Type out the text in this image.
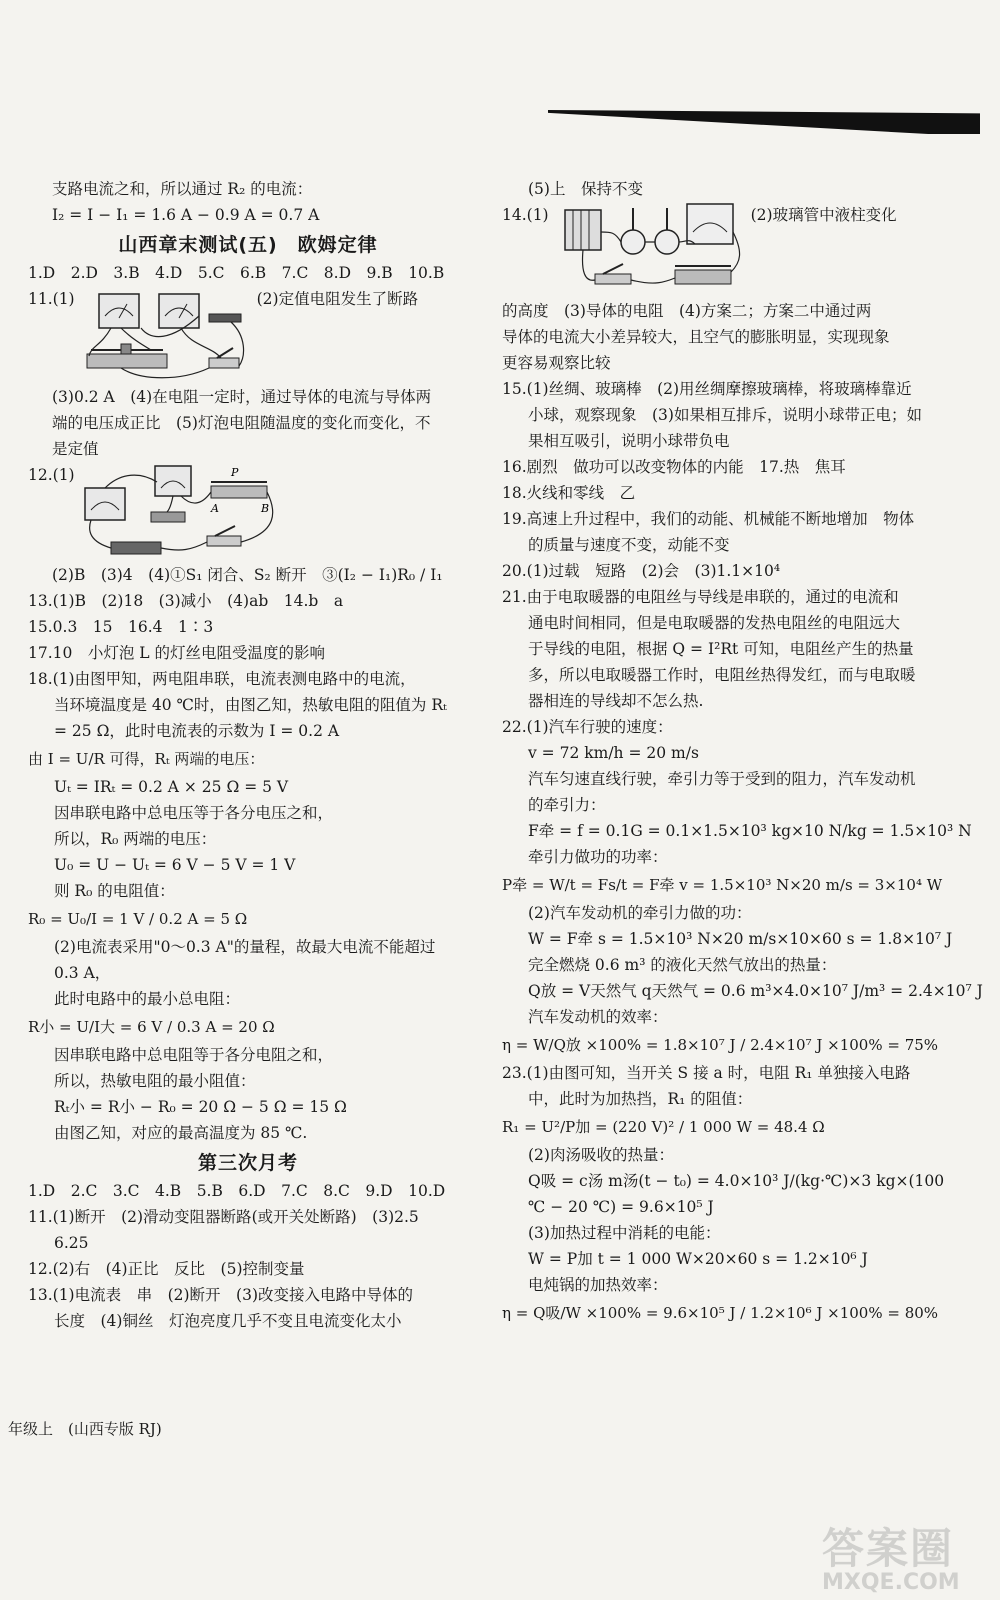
支路电流之和，所以通过 R₂ 的电流：
I₂ = I − I₁ = 1.6 A − 0.9 A = 0.7 A
山西章末测试(五)　欧姆定律
1.D　2.D　3.B　4.D　5.C　6.B　7.C　8.D　9.B　10.B
11.(1)	(2)定值电阻发生了断路
(3)0.2 A　(4)在电阻一定时，通过导体的电流与导体两
端的电压成正比　(5)灯泡电阻随温度的变化而变化，不
是定值
12.(1)	P
A	B
(2)B　(3)4　(4)①S₁ 闭合、S₂ 断开　③(I₂ − I₁)R₀ / I₁
13.(1)B　(2)18　(3)减小　(4)ab　14.b　a
15.0.3　15　16.4　1∶3
17.10　小灯泡 L 的灯丝电阻受温度的影响
18.(1)由图甲知，两电阻串联，电流表测电路中的电流，
当环境温度是 40 ℃时，由图乙知，热敏电阻的阻值为 Rₜ
= 25 Ω，此时电流表的示数为 I = 0.2 A
由 I = U/R 可得，Rₜ 两端的电压：
Uₜ = IRₜ = 0.2 A × 25 Ω = 5 V
因串联电路中总电压等于各分电压之和，
所以，R₀ 两端的电压：
U₀ = U − Uₜ = 6 V − 5 V = 1 V
则 R₀ 的电阻值：
R₀ = U₀/I = 1 V / 0.2 A = 5 Ω
(2)电流表采用"0～0.3 A"的量程，故最大电流不能超过
0.3 A，
此时电路中的最小总电阻：
R小 = U/I大 = 6 V / 0.3 A = 20 Ω
因串联电路中总电阻等于各分电阻之和，
所以，热敏电阻的最小阻值：
Rₜ小 = R小 − R₀ = 20 Ω − 5 Ω = 15 Ω
由图乙知，对应的最高温度为 85 ℃.
第三次月考
1.D　2.C　3.C　4.B　5.B　6.D　7.C　8.C　9.D　10.D
11.(1)断开　(2)滑动变阻器断路(或开关处断路)　(3)2.5
6.25
12.(2)右　(4)正比　反比　(5)控制变量
13.(1)电流表　串　(2)断开　(3)改变接入电路中导体的
长度　(4)铜丝　灯泡亮度几乎不变且电流变化太小
(5)上　保持不变
14.(1)	(2)玻璃管中液柱变化
的高度　(3)导体的电阻　(4)方案二；方案二中通过两
导体的电流大小差异较大，且空气的膨胀明显，实现现象
更容易观察比较
15.(1)丝绸、玻璃棒　(2)用丝绸摩擦玻璃棒，将玻璃棒靠近
小球，观察现象　(3)如果相互排斥，说明小球带正电；如
果相互吸引，说明小球带负电
16.剧烈　做功可以改变物体的内能　17.热　焦耳
18.火线和零线　乙
19.高速上升过程中，我们的动能、机械能不断地增加　物体
的质量与速度不变，动能不变
20.(1)过载　短路　(2)会　(3)1.1×10⁴
21.由于电取暖器的电阻丝与导线是串联的，通过的电流和
通电时间相同，但是电取暖器的发热电阻丝的电阻远大
于导线的电阻，根据 Q = I²Rt 可知，电阻丝产生的热量
多，所以电取暖器工作时，电阻丝热得发红，而与电取暖
器相连的导线却不怎么热.
22.(1)汽车行驶的速度：
v = 72 km/h = 20 m/s
汽车匀速直线行驶，牵引力等于受到的阻力，汽车发动机
的牵引力：
F牵 = f = 0.1G = 0.1×1.5×10³ kg×10 N/kg = 1.5×10³ N
牵引力做功的功率：
P牵 = W/t = Fs/t = F牵 v = 1.5×10³ N×20 m/s = 3×10⁴ W
(2)汽车发动机的牵引力做的功：
W = F牵 s = 1.5×10³ N×20 m/s×10×60 s = 1.8×10⁷ J
完全燃烧 0.6 m³ 的液化天然气放出的热量：
Q放 = V天然气 q天然气 = 0.6 m³×4.0×10⁷ J/m³ = 2.4×10⁷ J
汽车发动机的效率：
η = W/Q放 ×100% = 1.8×10⁷ J / 2.4×10⁷ J ×100% = 75%
23.(1)由图可知，当开关 S 接 a 时，电阻 R₁ 单独接入电路
中，此时为加热挡，R₁ 的阻值：
R₁ = U²/P加 = (220 V)² / 1 000 W = 48.4 Ω
(2)肉汤吸收的热量：
Q吸 = c汤 m汤(t − t₀) = 4.0×10³ J/(kg·℃)×3 kg×(100
℃ − 20 ℃) = 9.6×10⁵ J
(3)加热过程中消耗的电能：
W = P加 t = 1 000 W×20×60 s = 1.2×10⁶ J
电炖锅的加热效率：
η = Q吸/W ×100% = 9.6×10⁵ J / 1.2×10⁶ J ×100% = 80%
年级上　(山西专版 RJ)
答案圈
MXQE.COM
